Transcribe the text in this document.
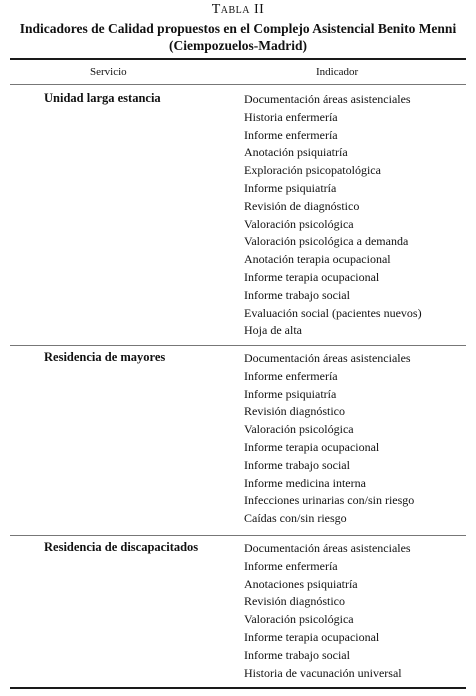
Tabla II
Indicadores de Calidad propuestos en el Complejo Asistencial Benito Menni
(Ciempozuelos-Madrid)
Servicio	Indicador
Unidad larga estancia	Documentación áreas asistenciales
Historia enfermería
Informe enfermería
Anotación psiquiatría
Exploración psicopatológica
Informe psiquiatría
Revisión de diagnóstico
Valoración psicológica
Valoración psicológica a demanda
Anotación terapia ocupacional
Informe terapia ocupacional
Informe trabajo social
Evaluación social (pacientes nuevos)
Hoja de alta
Residencia de mayores	Documentación áreas asistenciales
Informe enfermería
Informe psiquiatría
Revisión diagnóstico
Valoración psicológica
Informe terapia ocupacional
Informe trabajo social
Informe medicina interna
Infecciones urinarias con/sin riesgo
Caídas con/sin riesgo
Residencia de discapacitados	Documentación áreas asistenciales
Informe enfermería
Anotaciones psiquiatría
Revisión diagnóstico
Valoración psicológica
Informe terapia ocupacional
Informe trabajo social
Historia de vacunación universal
